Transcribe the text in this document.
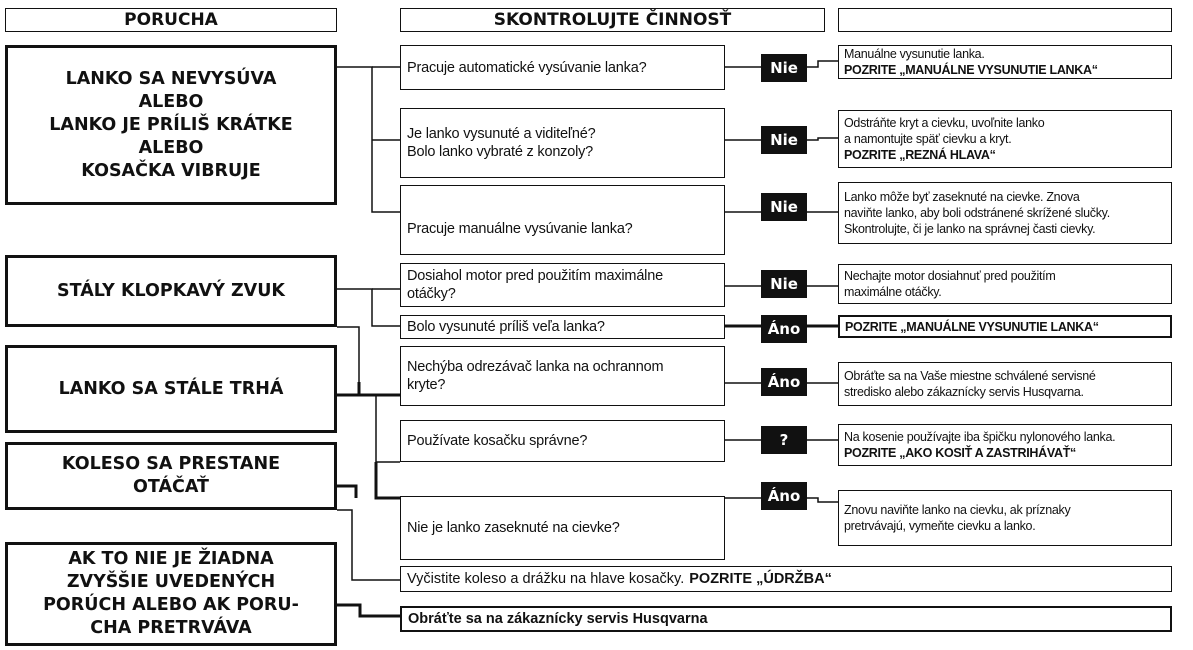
PORUCHA	SKONTROLUJTE ČINNOSŤ
LANKO SA NEVYSÚVA
ALEBO
LANKO JE PRÍLIŠ KRÁTKE
ALEBO
KOSAČKA VIBRUJE
STÁLY KLOPKAVÝ ZVUK
LANKO SA STÁLE TRHÁ
KOLESO SA PRESTANE
OTÁČAŤ
AK TO NIE JE ŽIADNA
ZVYŠŠIE UVEDENÝCH
PORÚCH ALEBO AK PORU-
CHA PRETRVÁVA
Pracuje automatické vysúvanie lanka?
Je lanko vysunuté a viditeľné?
Bolo lanko vybraté z konzoly?
Pracuje manuálne vysúvanie lanka?
Dosiahol motor pred použitím maximálne
otáčky?
Bolo vysunuté príliš veľa lanka?
Nechýba odrezávač lanka na ochrannom
kryte?
Používate kosačku správne?
Nie je lanko zaseknuté na cievke?
Nie
Nie
Nie
Nie
Áno
Áno
?
Áno
Manuálne vysunutie lanka.
POZRITE „MANUÁLNE VYSUNUTIE LANKA“
Odstráňte kryt a cievku, uvoľnite lanko
a namontujte späť cievku a kryt.
POZRITE „REZNÁ HLAVA“
Lanko môže byť zaseknuté na cievke. Znova
naviňte lanko, aby boli odstránené skrížené slučky.
Skontrolujte, či je lanko na správnej časti cievky.
Nechajte motor dosiahnuť pred použitím
maximálne otáčky.
POZRITE „MANUÁLNE VYSUNUTIE LANKA“
Obráťte sa na Vaše miestne schválené servisné
stredisko alebo zákaznícky servis Husqvarna.
Na kosenie používajte iba špičku nylonového lanka.
POZRITE „AKO KOSIŤ A ZASTRIHÁVAŤ“
Znovu naviňte lanko na cievku, ak príznaky
pretrvávajú, vymeňte cievku a lanko.
Vyčistite koleso a drážku na hlave kosačky. POZRITE „ÚDRŽBA“
Obráťte sa na zákaznícky servis Husqvarna
